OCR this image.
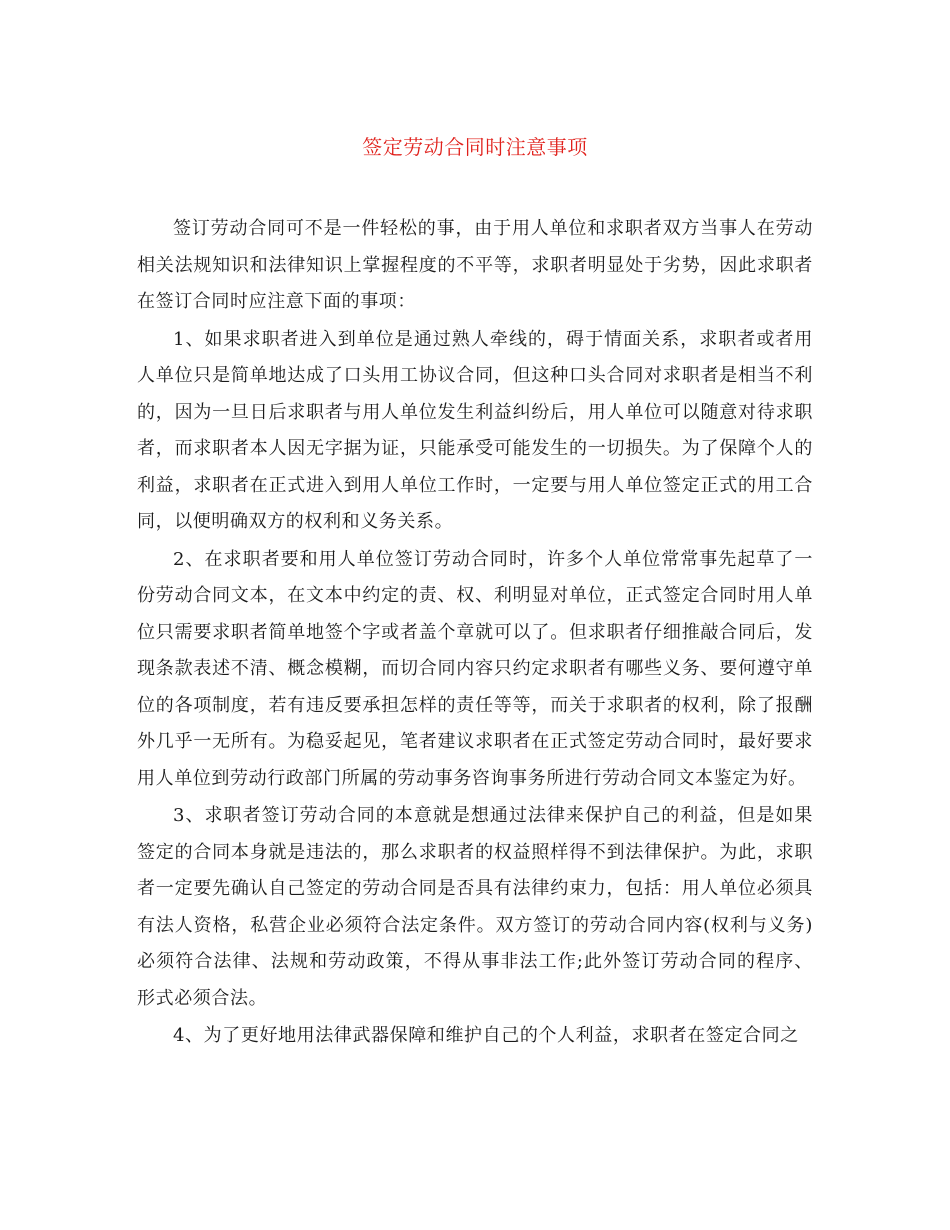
签定劳动合同时注意事项

签订劳动合同可不是一件轻松的事，由于用人单位和求职者双方当事人在劳动相关法规知识和法律知识上掌握程度的不平等，求职者明显处于劣势，因此求职者在签订合同时应注意下面的事项：

1、如果求职者进入到单位是通过熟人牵线的，碍于情面关系，求职者或者用人单位只是简单地达成了口头用工协议合同，但这种口头合同对求职者是相当不利的，因为一旦日后求职者与用人单位发生利益纠纷后，用人单位可以随意对待求职者，而求职者本人因无字据为证，只能承受可能发生的一切损失。为了保障个人的利益，求职者在正式进入到用人单位工作时，一定要与用人单位签定正式的用工合同，以便明确双方的权利和义务关系。

2、在求职者要和用人单位签订劳动合同时，许多个人单位常常事先起草了一份劳动合同文本，在文本中约定的责、权、利明显对单位，正式签定合同时用人单位只需要求职者简单地签个字或者盖个章就可以了。但求职者仔细推敲合同后，发现条款表述不清、概念模糊，而切合同内容只约定求职者有哪些义务、要何遵守单位的各项制度，若有违反要承担怎样的责任等等，而关于求职者的权利，除了报酬外几乎一无所有。为稳妥起见，笔者建议求职者在正式签定劳动合同时，最好要求用人单位到劳动行政部门所属的劳动事务咨询事务所进行劳动合同文本鉴定为好。

3、求职者签订劳动合同的本意就是想通过法律来保护自己的利益，但是如果签定的合同本身就是违法的，那么求职者的权益照样得不到法律保护。为此，求职者一定要先确认自己签定的劳动合同是否具有法律约束力，包括：用人单位必须具有法人资格，私营企业必须符合法定条件。双方签订的劳动合同内容(权利与义务)必须符合法律、法规和劳动政策，不得从事非法工作;此外签订劳动合同的程序、形式必须合法。

4、为了更好地用法律武器保障和维护自己的个人利益，求职者在签定合同之
